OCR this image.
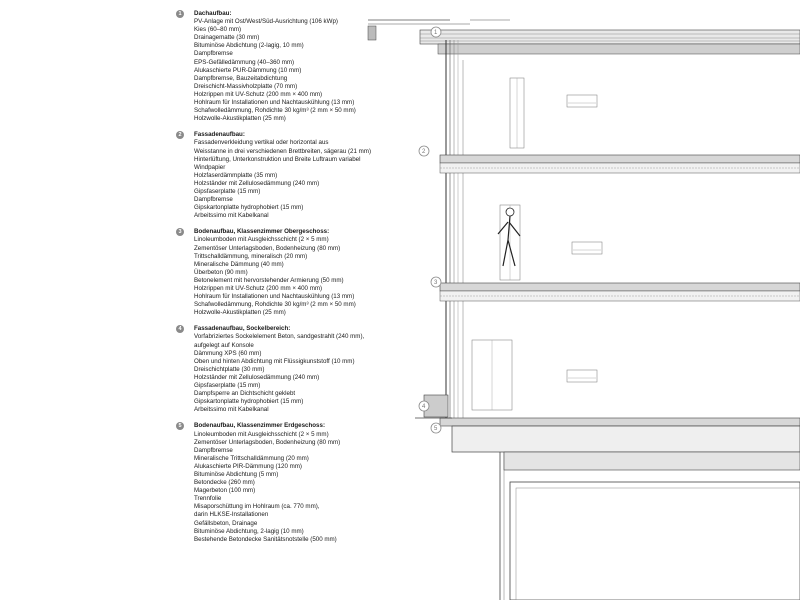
1	Dachaufbau:
PV-Anlage mit Ost/West/Süd-Ausrichtung (106 kWp)
Kies (60–80 mm)
Drainagematte (30 mm)
Bituminöse Abdichtung (2-lagig, 10 mm)
Dampfbremse
EPS-Gefälledämmung (40–360 mm)
Alukaschierte PUR-Dämmung (10 mm)
Dampfbremse, Bauzeitabdichtung
Dreischicht-Massivholzplatte (70 mm)
Holzrippen mit UV-Schutz (200 mm × 400 mm)
Hohlraum für Installationen und Nachtauskühlung (13 mm)
Schafwolledämmung, Rohdichte 30 kg/m³ (2 mm × 50 mm)
Holzwolle-Akustikplatten (25 mm)
2	Fassadenaufbau:
Fassadenverkleidung vertikal oder horizontal aus
Weisstanne in drei verschiedenen Brettbreiten, sägerau (21 mm)
Hinterlüftung, Unterkonstruktion und Breite Luftraum variabel
Windpapier
Holzfaserdämmplatte (35 mm)
Holzständer mit Zellulosedämmung (240 mm)
Gipsfaserplatte (15 mm)
Dampfbremse
Gipskartonplatte hydrophobiert (15 mm)
Arbeitssimo mit Kabelkanal
3	Bodenaufbau, Klassenzimmer Obergeschoss:
Linoleumboden mit Ausgleichsschicht (2 × 5 mm)
Zementöser Unterlagsboden, Bodenheizung (80 mm)
Trittschalldämmung, mineralisch (20 mm)
Mineralische Dämmung (40 mm)
Überbeton (90 mm)
Betonelement mit hervorstehender Armierung (50 mm)
Holzrippen mit UV-Schutz (200 mm × 400 mm)
Hohlraum für Installationen und Nachtauskühlung (13 mm)
Schafwolledämmung, Rohdichte 30 kg/m³ (2 mm × 50 mm)
Holzwolle-Akustikplatten (25 mm)
4	Fassadenaufbau, Sockelbereich:
Vorfabriziertes Sockelelement Beton, sandgestrahlt (240 mm),
aufgelegt auf Konsole
Dämmung XPS (60 mm)
Oben und hinten Abdichtung mit Flüssigkunststoff (10 mm)
Dreischichtplatte (30 mm)
Holzständer mit Zellulosedämmung (240 mm)
Gipsfaserplatte (15 mm)
Dampfsperre an Dichtschicht geklebt
Gipskartonplatte hydrophobiert (15 mm)
Arbeitssimo mit Kabelkanal
5	Bodenaufbau, Klassenzimmer Erdgeschoss:
Linoleumboden mit Ausgleichsschicht (2 × 5 mm)
Zementöser Unterlagsboden, Bodenheizung (80 mm)
Dampfbremse
Mineralische Trittschalldämmung (20 mm)
Alukaschierte PIR-Dämmung (120 mm)
Bituminöse Abdichtung (5 mm)
Betondecke (260 mm)
Magerbeton (100 mm)
Trennfolie
Misaporschüttung im Hohlraum (ca. 770 mm),
darin HLKSE-Installationen
Gefällsbeton, Drainage
Bituminöse Abdichtung, 2-lagig (10 mm)
Bestehende Betondecke Sanitätsnotstelle (500 mm)
1
2
3
4
5
